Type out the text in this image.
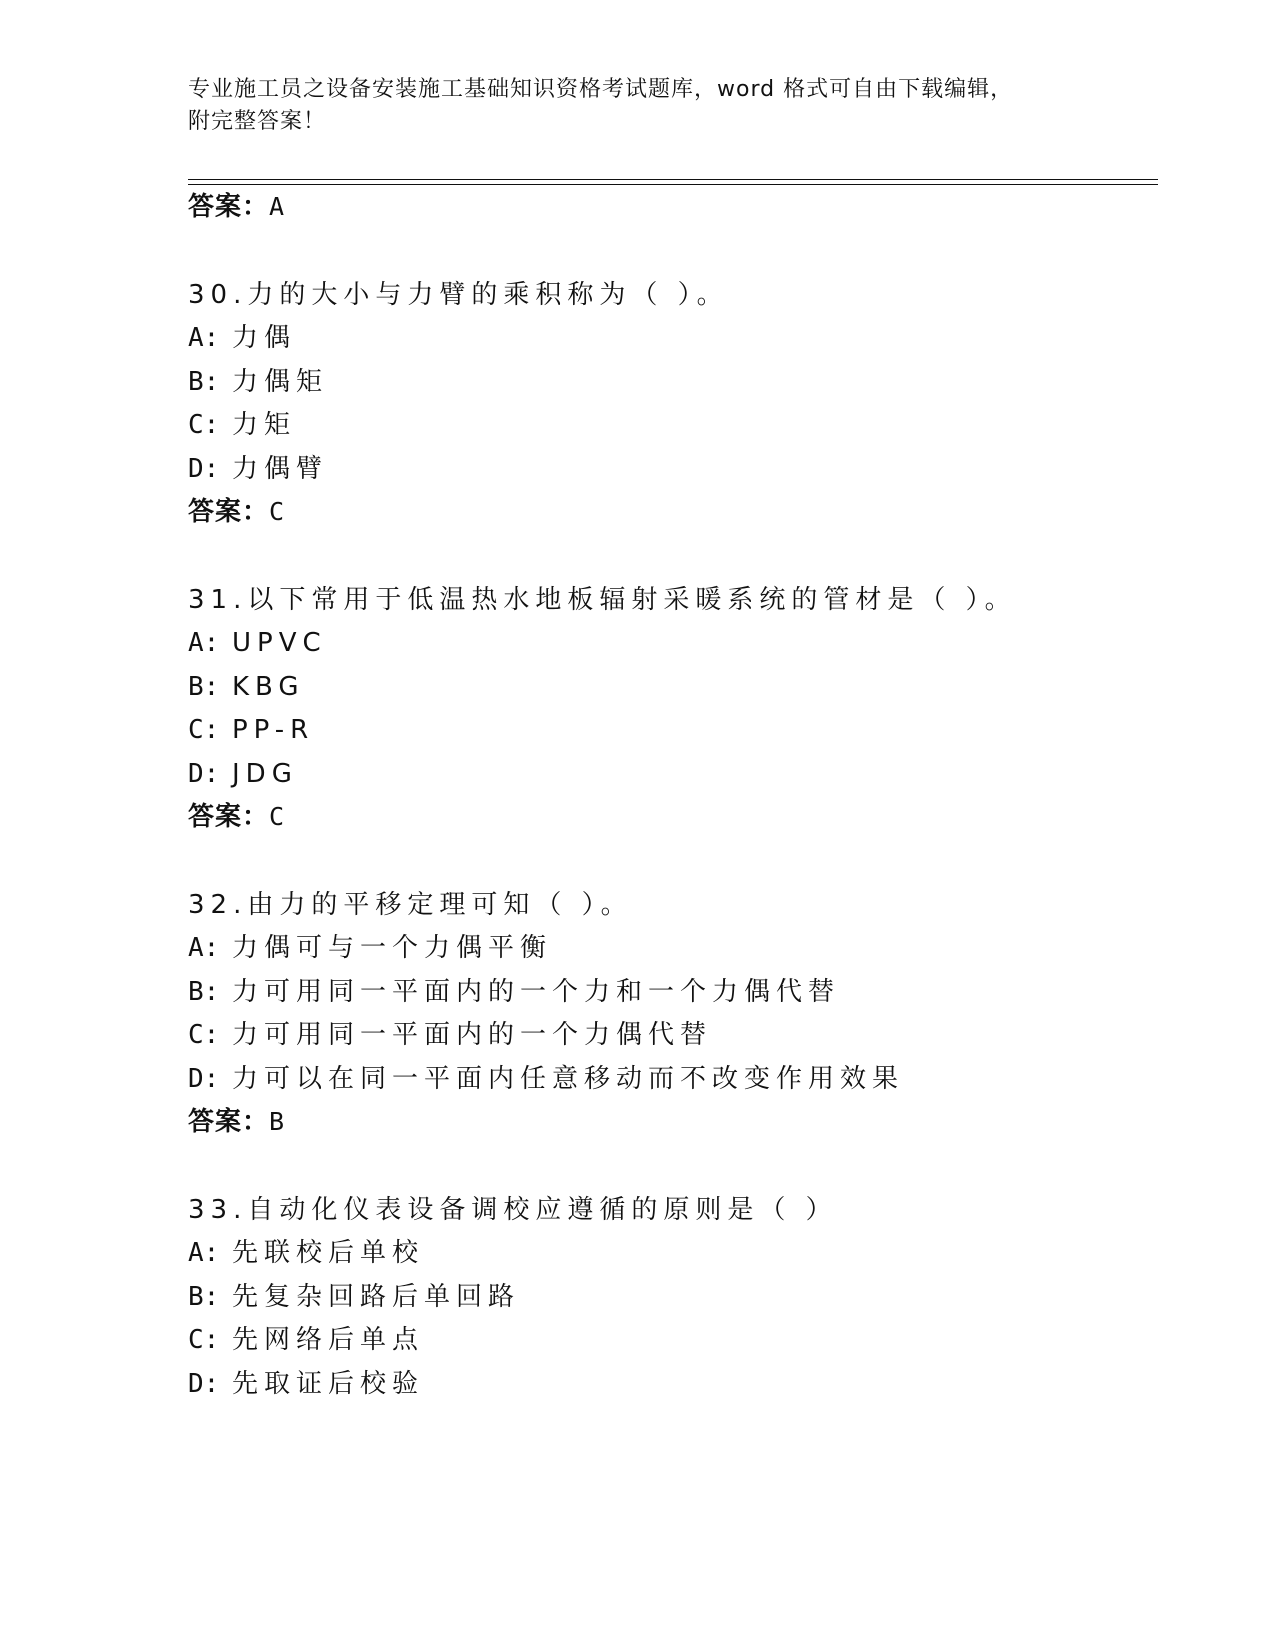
专业施工员之设备安装施工基础知识资格考试题库，word 格式可自由下载编辑，
附完整答案！
答案：A
30.力的大小与力臂的乘积称为（ ）。
A: 力偶
B: 力偶矩
C: 力矩
D: 力偶臂
答案：C
31.以下常用于低温热水地板辐射采暖系统的管材是（ ）。
A: UPVC
B: KBG
C: PP-R
D: JDG
答案：C
32.由力的平移定理可知（ ）。
A: 力偶可与一个力偶平衡
B: 力可用同一平面内的一个力和一个力偶代替
C: 力可用同一平面内的一个力偶代替
D: 力可以在同一平面内任意移动而不改变作用效果
答案：B
33.自动化仪表设备调校应遵循的原则是（ ）
A: 先联校后单校
B: 先复杂回路后单回路
C: 先网络后单点
D: 先取证后校验
